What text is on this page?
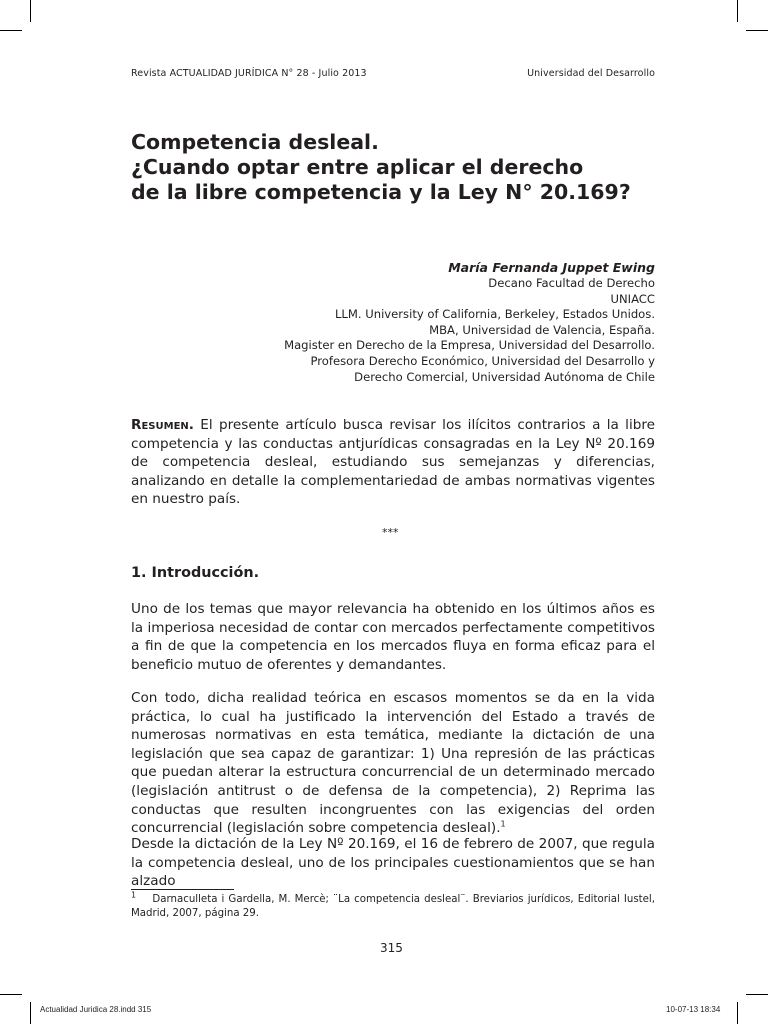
Revista ACTUALIDAD JURÍDICA N° 28 - Julio 2013	Universidad del Desarrollo
Competencia desleal.
¿Cuando optar entre aplicar el derecho
de la libre competencia y la Ley N° 20.169?
María Fernanda Juppet Ewing
Decano Facultad de Derecho
UNIACC
LLM. University of California, Berkeley, Estados Unidos.
MBA, Universidad de Valencia, España.
Magister en Derecho de la Empresa, Universidad del Desarrollo.
Profesora Derecho Económico, Universidad del Desarrollo y
Derecho Comercial, Universidad Autónoma de Chile

Resumen. El presente artículo busca revisar los ilícitos contrarios a la libre competencia y las conductas antjurídicas consagradas en la Ley Nº 20.169 de competencia desleal, estudiando sus semejanzas y diferencias, analizando en detalle la complementariedad de ambas normativas vigentes en nuestro país.

***
1. Introducción.

Uno de los temas que mayor relevancia ha obtenido en los últimos años es la imperiosa necesidad de contar con mercados perfectamente competitivos a fin de que la competencia en los mercados fluya en forma eficaz para el beneficio mutuo de oferentes y demandantes.

Con todo, dicha realidad teórica en escasos momentos se da en la vida práctica, lo cual ha justificado la intervención del Estado a través de numerosas normativas en esta temática, mediante la dictación de una legislación que sea capaz de garantizar: 1) Una represión de las prácticas que puedan alterar la estructura concurrencial de un determinado mercado (legislación antitrust o de defensa de la competencia), 2) Reprima las conductas que resulten incongruentes con las exigencias del orden concurrencial (legislación sobre competencia desleal).$^1$

Desde la dictación de la Ley Nº 20.169, el 16 de febrero de 2007, que regula la competencia desleal, uno de los principales cuestionamientos que se han alzado

$^1$ Darnaculleta i Gardella, M. Mercè; ¨La competencia desleal¨. Breviarios jurídicos, Editorial Iustel, Madrid, 2007, página 29.

315
Actualidad Juridica 28.indd 315	10-07-13 18:34
